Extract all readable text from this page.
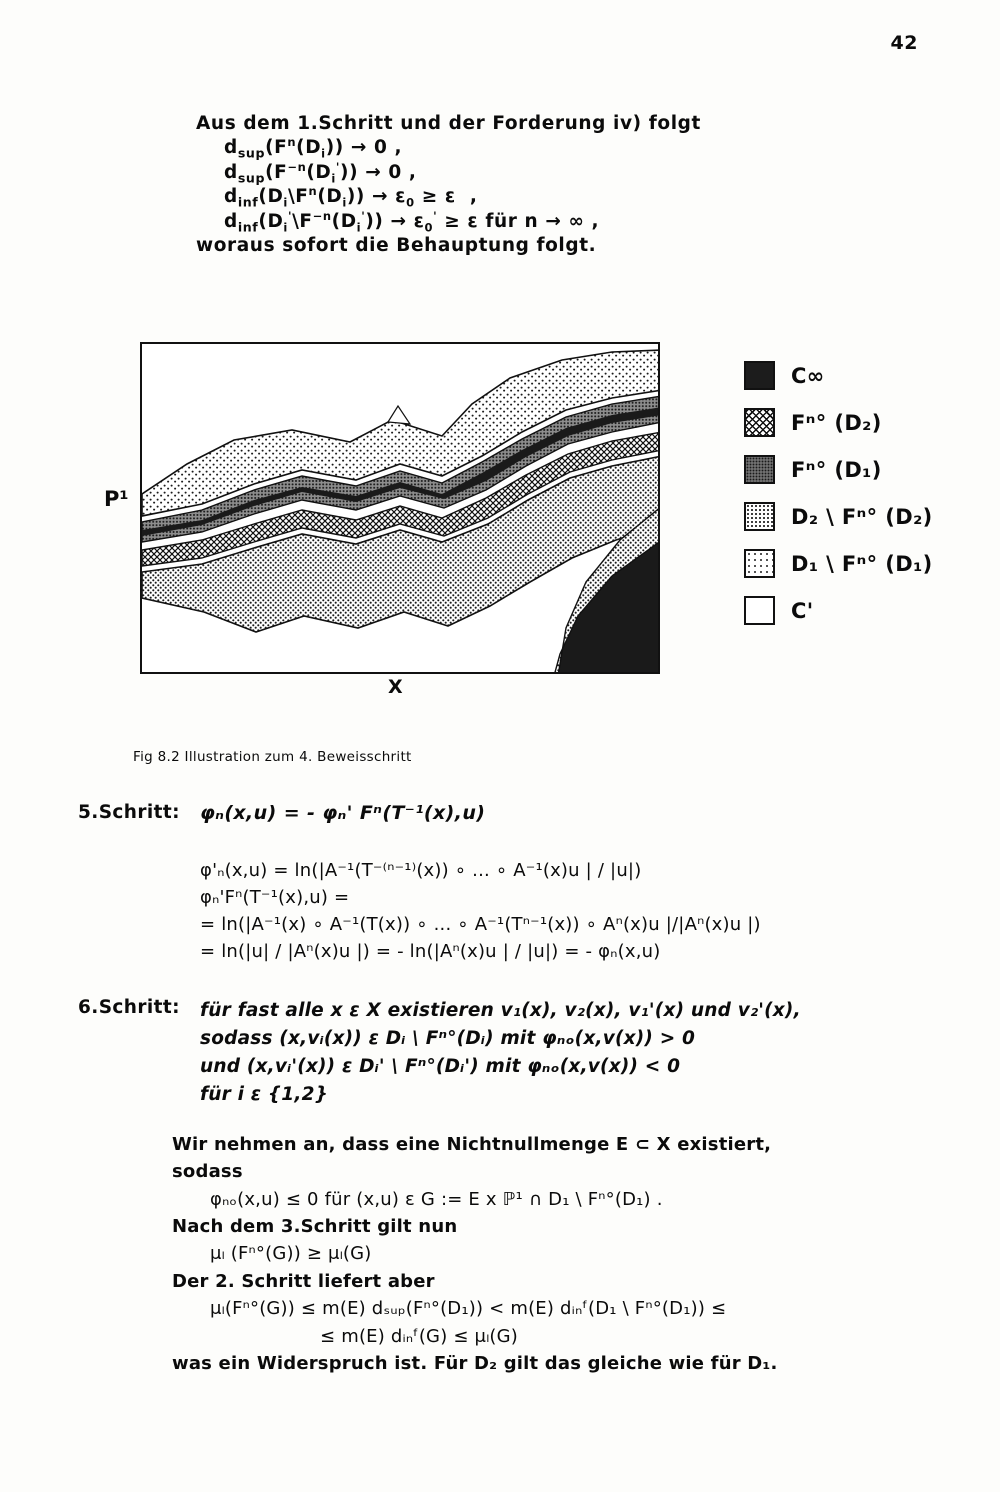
42
Aus dem 1.Schritt und der Forderung iv) folgt
$d_{sup}(F^n(D_i)) \to 0$ ,
$d_{sup}(F^{-n}(D_i')) \to 0$ ,
$d_{inf}(D_i\backslash F^n(D_i)) \to \varepsilon_0 \ge \varepsilon$  ,
$d_{inf}(D_i'\backslash F^{-n}(D_i')) \to \varepsilon_0' \ge \varepsilon$ für n → ∞ ,
woraus sofort die Behauptung folgt.
P¹
X
Fig 8.2 Illustration zum 4. Beweisschritt
C∞
Fⁿ° (D₂)
Fⁿ° (D₁)
D₂ \ Fⁿ° (D₂)
D₁ \ Fⁿ° (D₁)
C'
5.Schritt: φₙ(x,u) = - φₙ' Fⁿ(T⁻¹(x),u)
φ'ₙ(x,u) = ln(|A⁻¹(T⁻⁽ⁿ⁻¹⁾(x)) ∘ ... ∘ A⁻¹(x)u | / |u|)
φₙ'Fⁿ(T⁻¹(x),u) =
= ln(|A⁻¹(x) ∘ A⁻¹(T(x)) ∘ ... ∘ A⁻¹(Tⁿ⁻¹(x)) ∘ Aⁿ(x)u |/|Aⁿ(x)u |)
= ln(|u| / |Aⁿ(x)u |) = - ln(|Aⁿ(x)u | / |u|) = - φₙ(x,u)
6.Schritt: für fast alle x ε X existieren v₁(x), v₂(x), v₁'(x) und v₂'(x),
sodass (x,vᵢ(x)) ε Dᵢ \ Fⁿ°(Dᵢ) mit φₙₒ(x,v(x)) > 0
und (x,vᵢ'(x)) ε Dᵢ' \ Fⁿ°(Dᵢ') mit φₙₒ(x,v(x)) < 0
für i ε {1,2}
Wir nehmen an, dass eine Nichtnullmenge E ⊂ X existiert,
sodass
φₙₒ(x,u) ≤ 0 für (x,u) ε G := E x ℙ¹ ∩ D₁ \ Fⁿ°(D₁) .
Nach dem 3.Schritt gilt nun
μₗ (Fⁿ°(G)) ≥ μₗ(G)
Der 2. Schritt liefert aber
μₗ(Fⁿ°(G)) ≤ m(E) dₛᵤₚ(Fⁿ°(D₁)) < m(E) dᵢₙᶠ(D₁ \ Fⁿ°(D₁)) ≤
≤ m(E) dᵢₙᶠ(G) ≤ μₗ(G)
was ein Widerspruch ist. Für D₂ gilt das gleiche wie für D₁.
